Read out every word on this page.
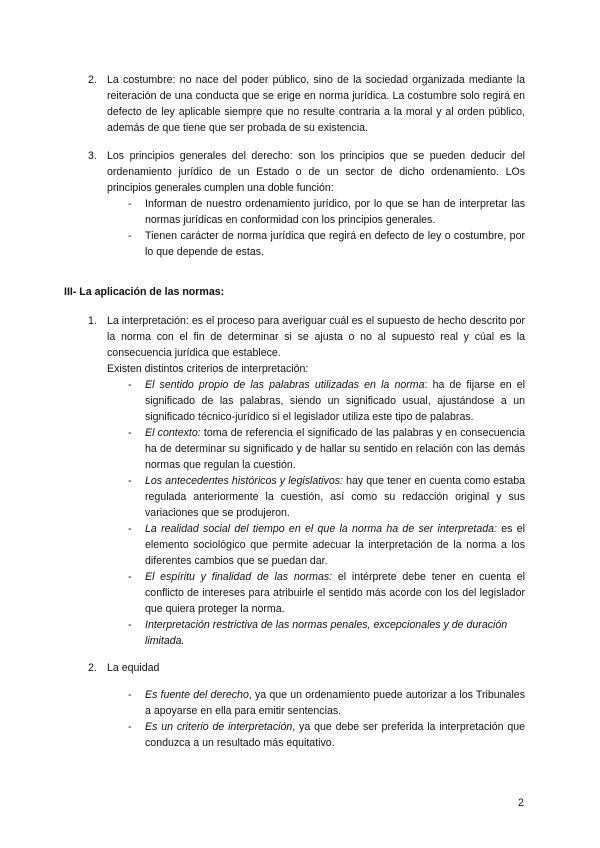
2. La costumbre: no nace del poder público, sino de la sociedad organizada mediante la reiteración de una conducta que se erige en norma jurídica. La costumbre solo regirá en defecto de ley aplicable siempre que no resulte contraria a la moral y al orden público, además de que tiene que ser probada de su existencia.

3. Los principios generales del derecho: son los principios que se pueden deducir del ordenamiento jurídico de un Estado o de un sector de dicho ordenamiento. LOs principios generales cumplen una doble función:

- Informan de nuestro ordenamiento jurídico, por lo que se han de interpretar las normas jurídicas en conformidad con los principios generales.

- Tienen carácter de norma jurídica que regirá en defecto de ley o costumbre, por lo que depende de estas.

III- La aplicación de las normas:

1. La interpretación: es el proceso para averiguar cuál es el supuesto de hecho descrito por la norma con el fin de determinar si se ajusta o no al supuesto real y cúal es la consecuencia jurídica que establece.

Existen distintos criterios de interpretación:

- El sentido propio de las palabras utilizadas en la norma: ha de fijarse en el significado de las palabras, siendo un significado usual, ajustándose a un significado técnico-jurídico si el legislador utiliza este tipo de palabras.

- El contexto: toma de referencia el significado de las palabras y en consecuencia ha de determinar su significado y de hallar su sentido en relación con las demás normas que regulan la cuestión.

- Los antecedentes históricos y legislativos: hay que tener en cuenta como estaba regulada anteriormente la cuestión, así como su redacción original y sus variaciones que se produjeron.

- La realidad social del tiempo en el que la norma ha de ser interpretada: es el elemento sociológico que permite adecuar la interpretación de la norma a los diferentes cambios que se puedan dar.

- El espíritu y finalidad de las normas: el intérprete debe tener en cuenta el conflicto de intereses para atribuirle el sentido más acorde con los del legislador que quiera proteger la norma.

- Interpretación restrictiva de las normas penales, excepcionales y de duración limitada.

2. La equidad

- Es fuente del derecho, ya que un ordenamiento puede autorizar a los Tribunales a apoyarse en ella para emitir sentencias.

- Es un criterio de interpretación, ya que debe ser preferida la interpretación que conduzca a un resultado más equitativo.

2
